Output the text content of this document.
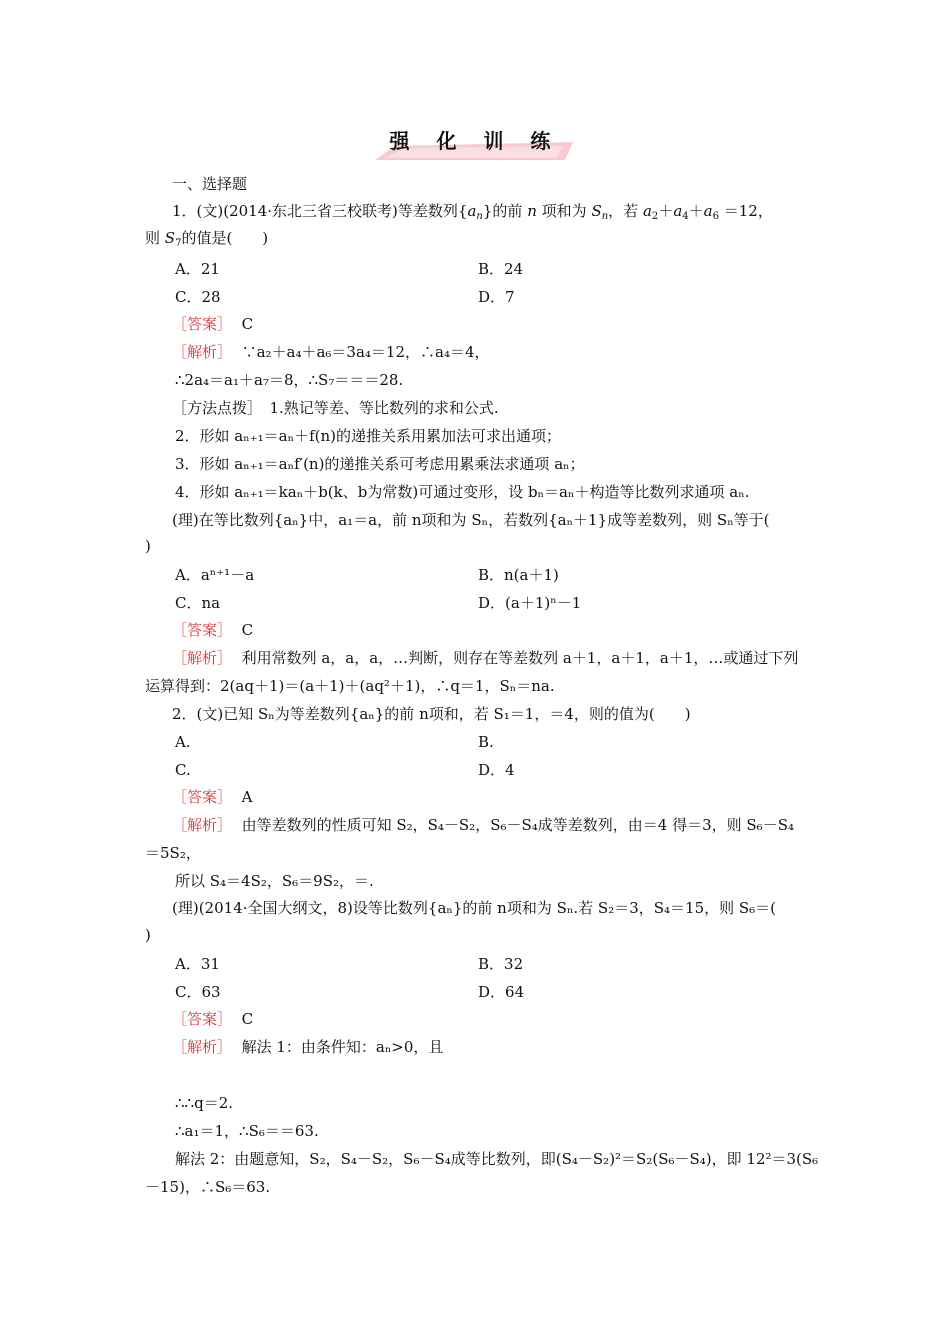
强 化 训 练
一、选择题
1．(文)(2014·东北三省三校联考)等差数列$\{a_n\}$的前 n 项和为 $S_n$，若 $a_2+a_4+a_6 =12$，
则 $S_7$的值是(　　)
A．21	B．24
C．28	D．7
［答案］ C
［解析］ ∵a₂＋a₄＋a₆＝3a₄＝12，∴a₄＝4，
∴2a₄＝a₁＋a₇＝8，∴S₇＝＝＝28.
［方法点拨］　1.熟记等差、等比数列的求和公式.
2．形如 aₙ₊₁＝aₙ＋f(n)的递推关系用累加法可求出通项；
3．形如 aₙ₊₁＝aₙf′(n)的递推关系可考虑用累乘法求通项 aₙ；
4．形如 aₙ₊₁＝kaₙ＋b(k、b为常数)可通过变形，设 bₙ＝aₙ＋构造等比数列求通项 aₙ.
(理)在等比数列{aₙ}中，a₁＝a，前 n项和为 Sₙ，若数列{aₙ＋1}成等差数列，则 Sₙ等于(
)
A．aⁿ⁺¹－a	B．n(a＋1)
C．na	D．(a＋1)ⁿ－1
［答案］ C
［解析］ 利用常数列 a，a，a，…判断，则存在等差数列 a＋1，a＋1，a＋1，…或通过下列
运算得到：2(aq＋1)＝(a＋1)＋(aq²＋1)，∴q＝1，Sₙ＝na.
2．(文)已知 Sₙ为等差数列{aₙ}的前 n项和，若 S₁＝1，＝4，则的值为(　　)
A.	B.
C.	D．4
［答案］ A
［解析］ 由等差数列的性质可知 S₂，S₄－S₂，S₆－S₄成等差数列，由＝4 得＝3，则 S₆－S₄
＝5S₂，
所以 S₄＝4S₂，S₆＝9S₂，＝.
(理)(2014·全国大纲文，8)设等比数列{aₙ}的前 n项和为 Sₙ.若 S₂＝3，S₄＝15，则 S₆＝(
)
A．31	B．32
C．63	D．64
［答案］ C
［解析］ 解法 1：由条件知：aₙ>0，且
∴∴q＝2.
∴a₁＝1，∴S₆＝＝63.
解法 2：由题意知，S₂，S₄－S₂，S₆－S₄成等比数列，即(S₄－S₂)²＝S₂(S₆－S₄)，即 12²＝3(S₆
－15)，∴S₆＝63.
